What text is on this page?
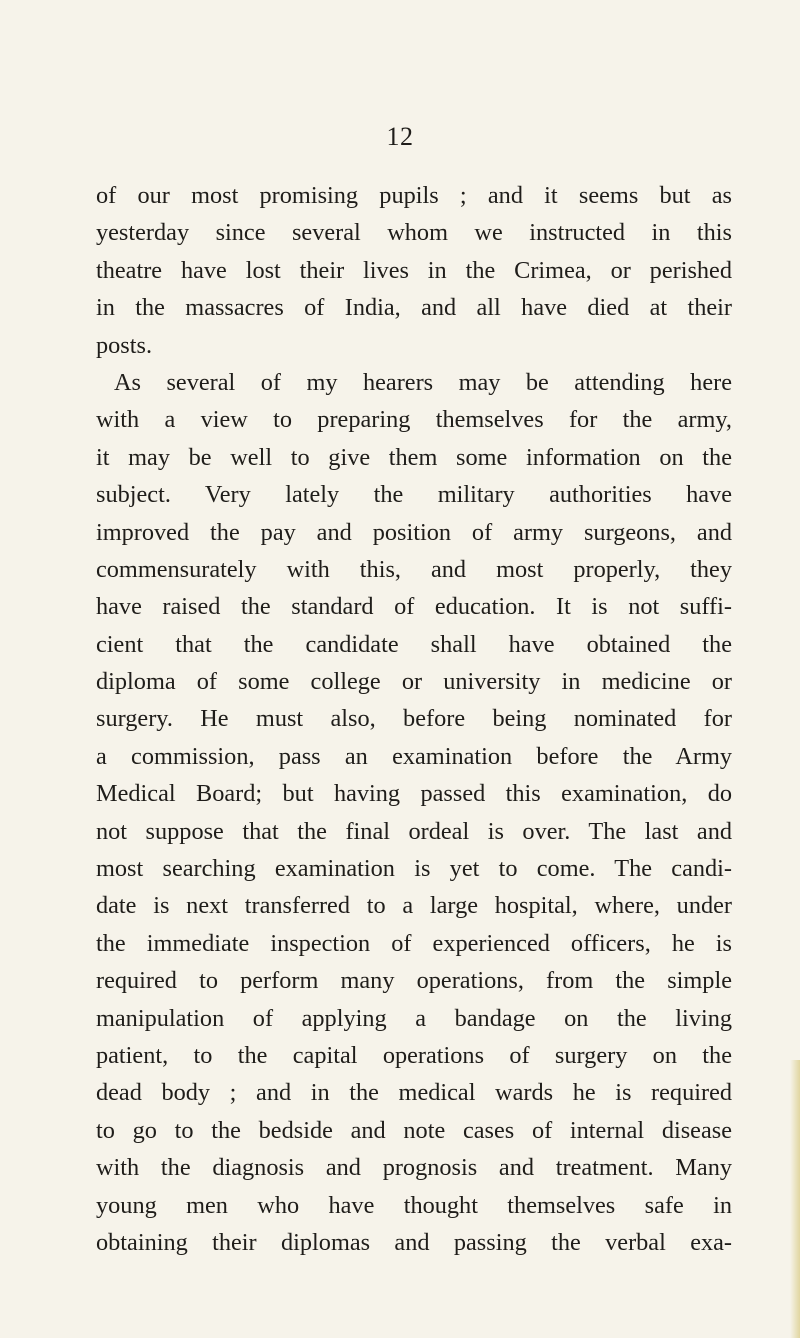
12
of our most promising pupils ; and it seems but as
yesterday since several whom we instructed in this
theatre have lost their lives in the Crimea, or perished
in the massacres of India, and all have died at their
posts.
As several of my hearers may be attending here
with a view to preparing themselves for the army,
it may be well to give them some information on the
subject. Very lately the military authorities have
improved the pay and position of army surgeons, and
commensurately with this, and most properly, they
have raised the standard of education. It is not suffi-
cient that the candidate shall have obtained the
diploma of some college or university in medicine or
surgery. He must also, before being nominated for
a commission, pass an examination before the Army
Medical Board; but having passed this examination, do
not suppose that the final ordeal is over. The last and
most searching examination is yet to come. The candi-
date is next transferred to a large hospital, where, under
the immediate inspection of experienced officers, he is
required to perform many operations, from the simple
manipulation of applying a bandage on the living
patient, to the capital operations of surgery on the
dead body ; and in the medical wards he is required
to go to the bedside and note cases of internal disease
with the diagnosis and prognosis and treatment. Many
young men who have thought themselves safe in
obtaining their diplomas and passing the verbal exa-
